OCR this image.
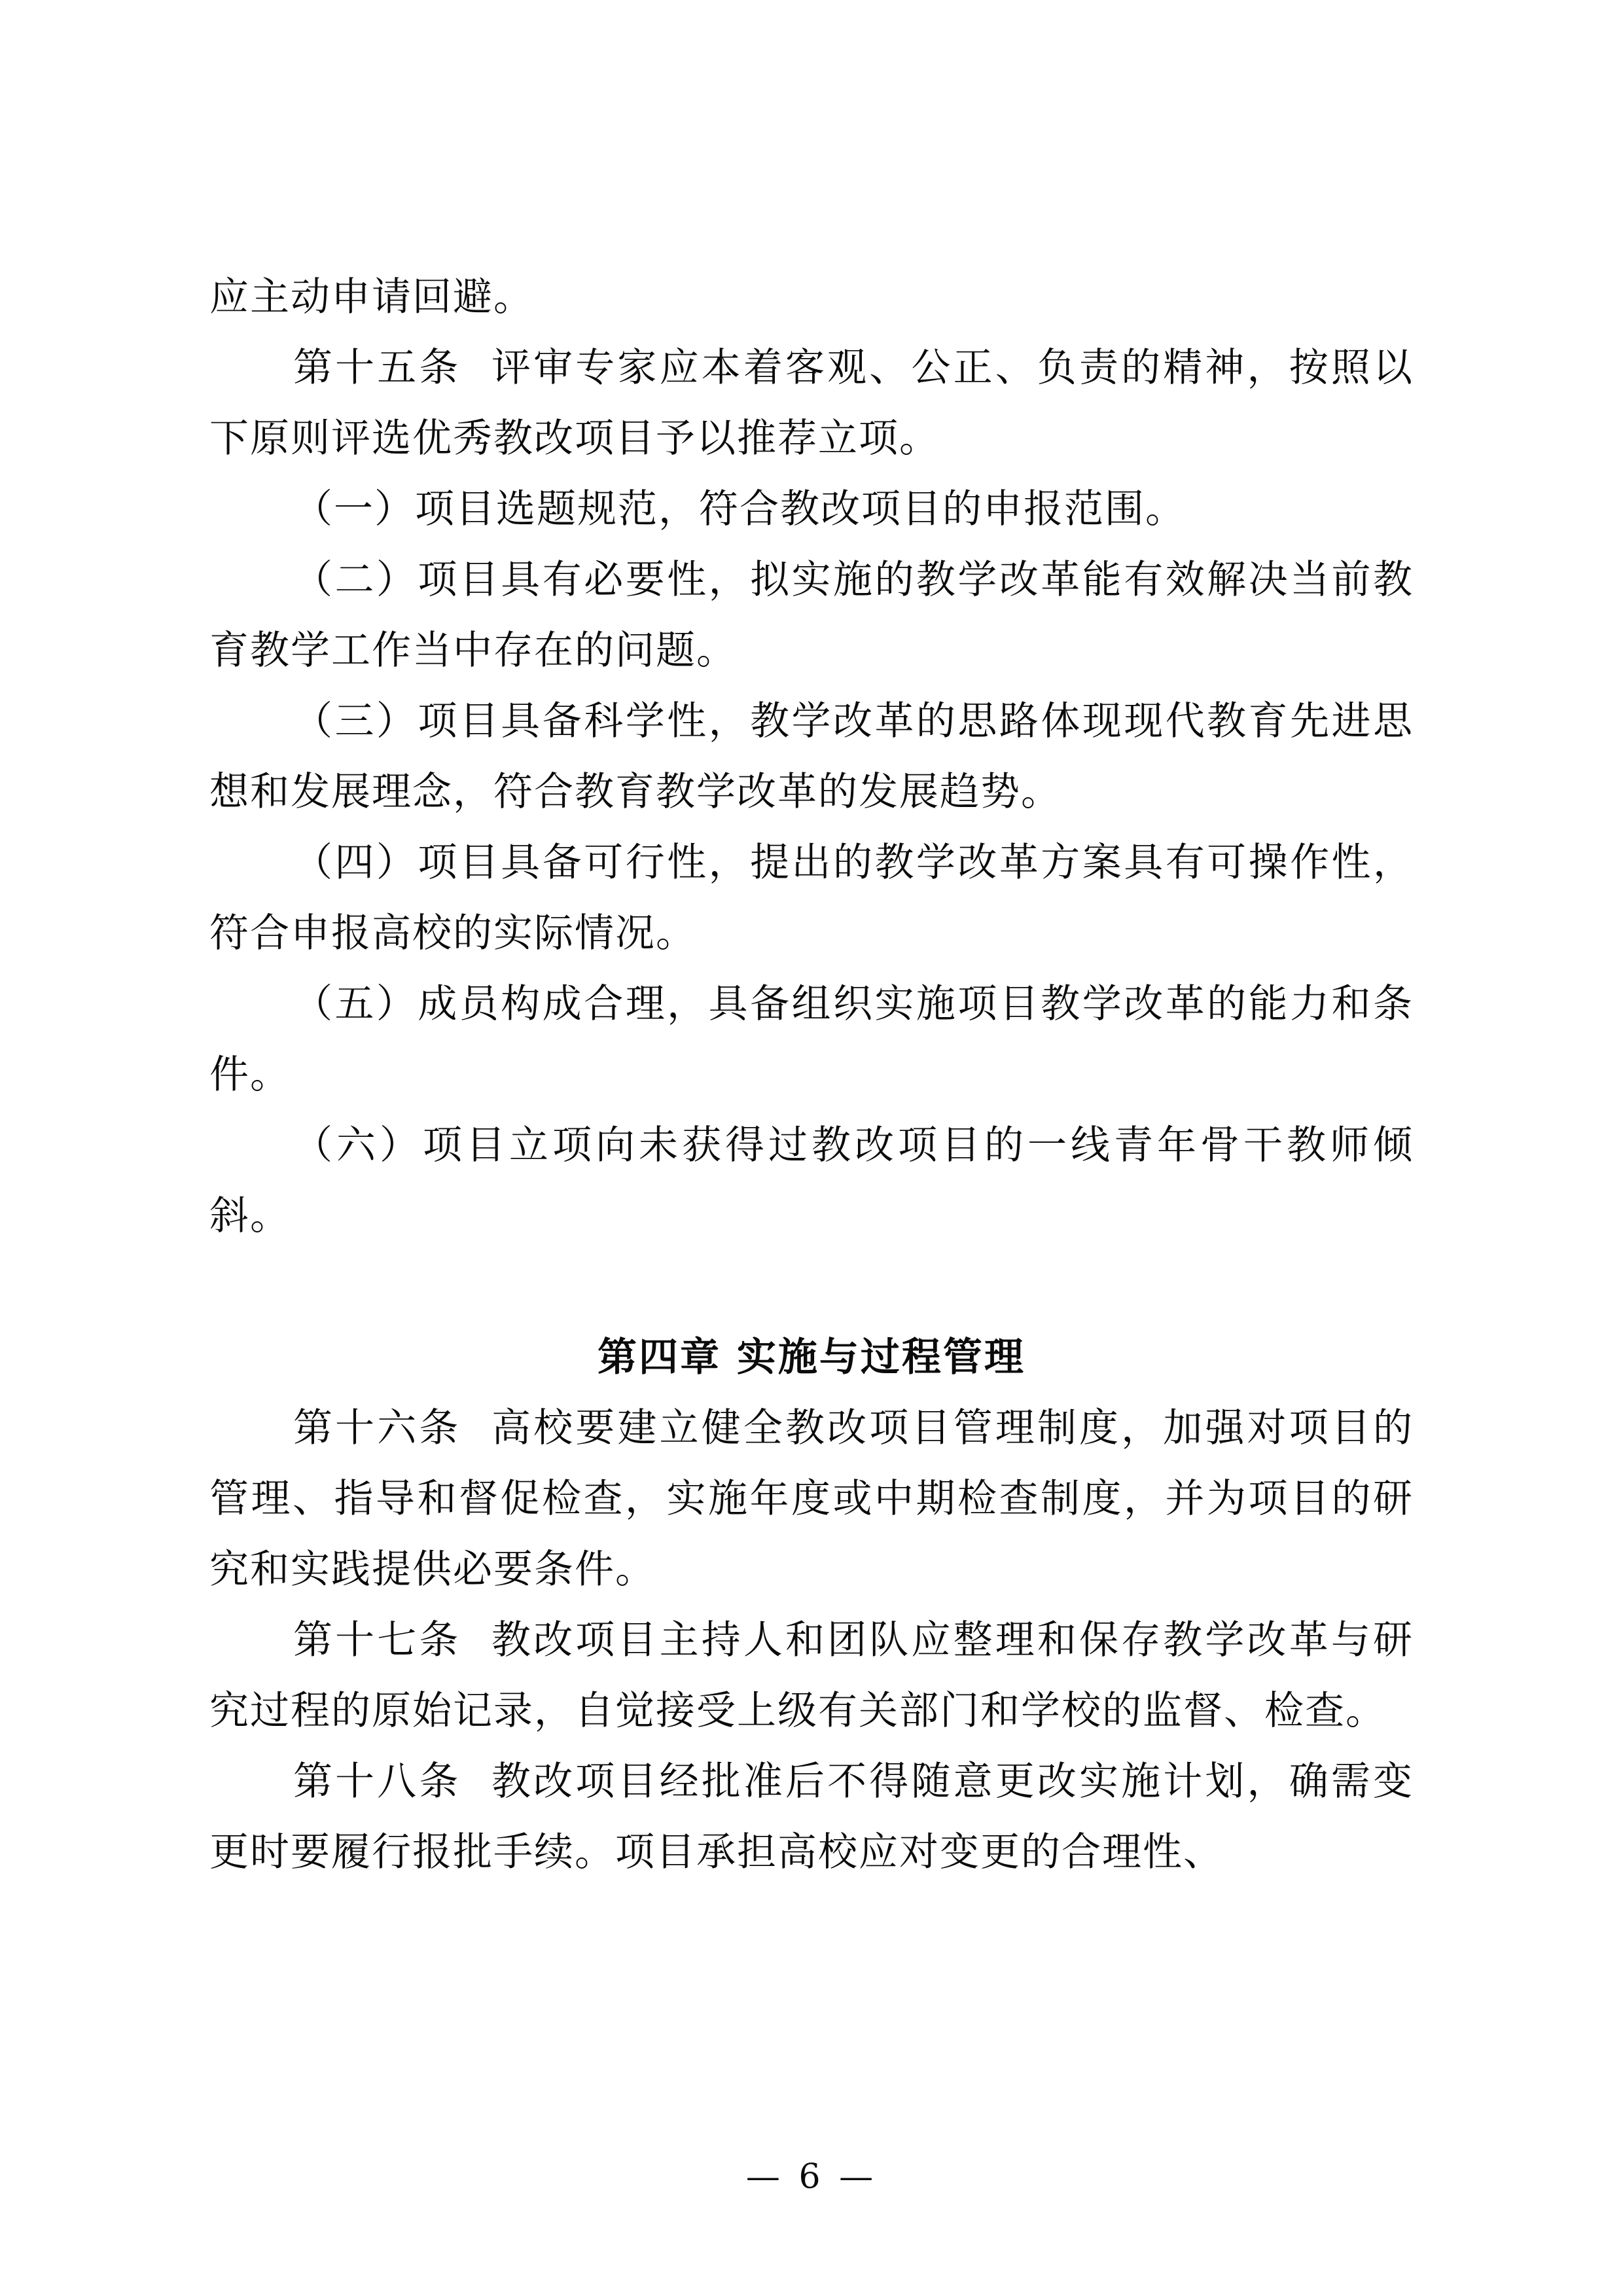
应主动申请回避。

第十五条  评审专家应本着客观、公正、负责的精神，按照以下原则评选优秀教改项目予以推荐立项。

（一）项目选题规范，符合教改项目的申报范围。

（二）项目具有必要性，拟实施的教学改革能有效解决当前教育教学工作当中存在的问题。

（三）项目具备科学性，教学改革的思路体现现代教育先进思想和发展理念，符合教育教学改革的发展趋势。

（四）项目具备可行性，提出的教学改革方案具有可操作性，符合申报高校的实际情况。

（五）成员构成合理，具备组织实施项目教学改革的能力和条件。

（六）项目立项向未获得过教改项目的一线青年骨干教师倾斜。

第四章 实施与过程管理

第十六条  高校要建立健全教改项目管理制度，加强对项目的管理、指导和督促检查，实施年度或中期检查制度，并为项目的研究和实践提供必要条件。

第十七条  教改项目主持人和团队应整理和保存教学改革与研究过程的原始记录，自觉接受上级有关部门和学校的监督、检查。

第十八条  教改项目经批准后不得随意更改实施计划，确需变更时要履行报批手续。项目承担高校应对变更的合理性、

— 6 —
